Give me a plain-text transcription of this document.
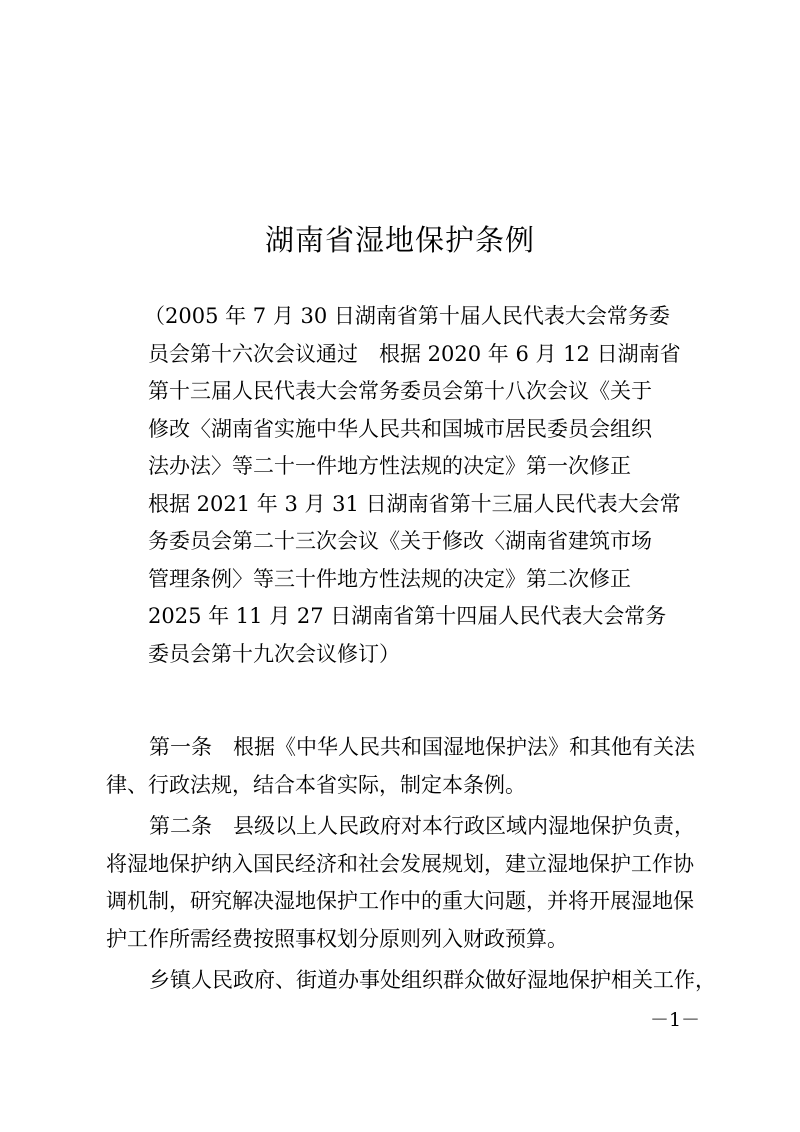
湖南省湿地保护条例
（2005 年 7 月 30 日湖南省第十届人民代表大会常务委
员会第十六次会议通过　根据 2020 年 6 月 12 日湖南省
第十三届人民代表大会常务委员会第十八次会议《关于
修改〈湖南省实施中华人民共和国城市居民委员会组织
法办法〉等二十一件地方性法规的决定》第一次修正
根据 2021 年 3 月 31 日湖南省第十三届人民代表大会常
务委员会第二十三次会议《关于修改〈湖南省建筑市场
管理条例〉等三十件地方性法规的决定》第二次修正
2025 年 11 月 27 日湖南省第十四届人民代表大会常务
委员会第十九次会议修订）
第一条　根据《中华人民共和国湿地保护法》和其他有关法
律、行政法规，结合本省实际，制定本条例。
第二条　县级以上人民政府对本行政区域内湿地保护负责，
将湿地保护纳入国民经济和社会发展规划，建立湿地保护工作协
调机制，研究解决湿地保护工作中的重大问题，并将开展湿地保
护工作所需经费按照事权划分原则列入财政预算。
乡镇人民政府、街道办事处组织群众做好湿地保护相关工作，
－1－
